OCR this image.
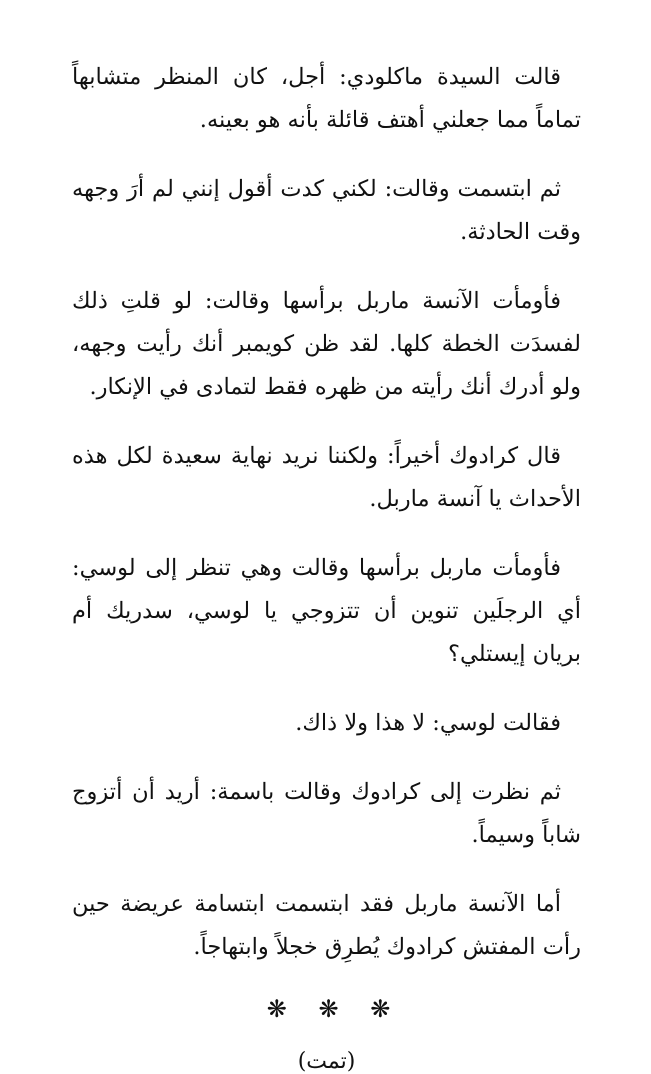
قالت السيدة ماكلودي: أجل، كان المنظر متشابهاً تماماً مما جعلني أهتف قائلة بأنه هو بعينه.

ثم ابتسمت وقالت: لكني كدت أقول إنني لم أرَ وجهه وقت الحادثة.

فأومأت الآنسة ماربل برأسها وقالت: لو قلتِ ذلك لفسدَت الخطة كلها. لقد ظن كويمبر أنك رأيت وجهه، ولو أدرك أنك رأيته من ظهره فقط لتمادى في الإنكار.

قال كرادوك أخيراً: ولكننا نريد نهاية سعيدة لكل هذه الأحداث يا آنسة ماربل.

فأومأت ماربل برأسها وقالت وهي تنظر إلى لوسي: أي الرجلَين تنوين أن تتزوجي يا لوسي، سدريك أم بريان إيستلي؟

فقالت لوسي: لا هذا ولا ذاك.

ثم نظرت إلى كرادوك وقالت باسمة: أريد أن أتزوج شاباً وسيماً.

أما الآنسة ماربل فقد ابتسمت ابتسامة عريضة حين رأت المفتش كرادوك يُطرِق خجلاً وابتهاجاً.

❋ ❋ ❋
(تمت)
